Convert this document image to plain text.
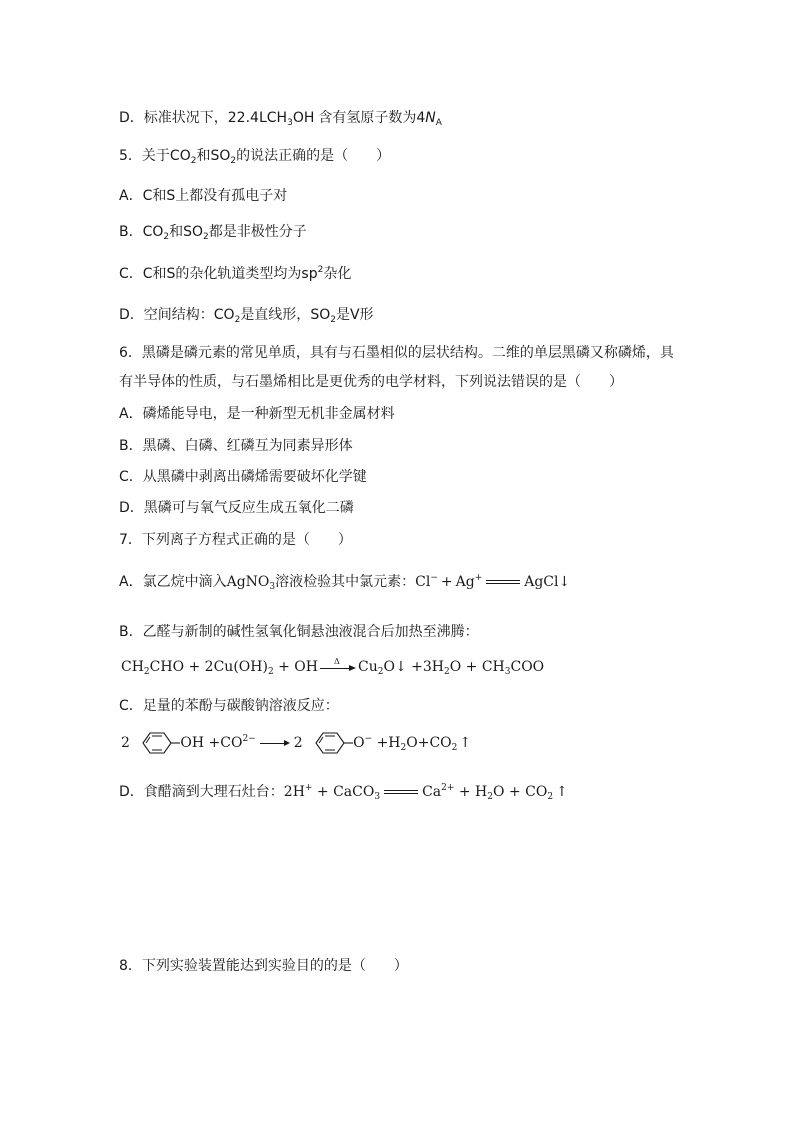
D．标准状况下，$22.4LCH_3OH$ 含有氢原子数为$4N_A$
5．关于$CO_2$和$SO_2$的说法正确的是（　　）
A．C和S上都没有孤电子对
B．$CO_2$和$SO_2$都是非极性分子
C．C和S的杂化轨道类型均为$sp^2$杂化
D．空间结构：$CO_2$是直线形，$SO_2$是V形
6．黑磷是磷元素的常见单质，具有与石墨相似的层状结构。二维的单层黑磷又称磷烯，具
有半导体的性质，与石墨烯相比是更优秀的电学材料，下列说法错误的是（　　）
A．磷烯能导电，是一种新型无机非金属材料
B．黑磷、白磷、红磷互为同素异形体
C．从黑磷中剥离出磷烯需要破坏化学键
D．黑磷可与氧气反应生成五氧化二磷
7．下列离子方程式正确的是（　　）
A．氯乙烷中滴入AgNO$_3$溶液检验其中氯元素：Cl− + Ag+	AgCl↓
B．乙醛与新制的碱性氢氧化铜悬浊液混合后加热至沸腾：
$CH_2CHO + 2Cu(OH)_2$ + OH Δ $Cu_2O↓ +3H_2O + CH_3COO$
C．足量的苯酚与碳酸钠溶液反应：
2	OH $+CO^{2-}$	2	$O^- +H_2O+CO_2$ ↑
D．食醋滴到大理石灶台：2H+ + CaCO$_3$	$Ca^{2+} + H_2O + CO_2$ ↑
8．下列实验装置能达到实验目的的是（　　）
